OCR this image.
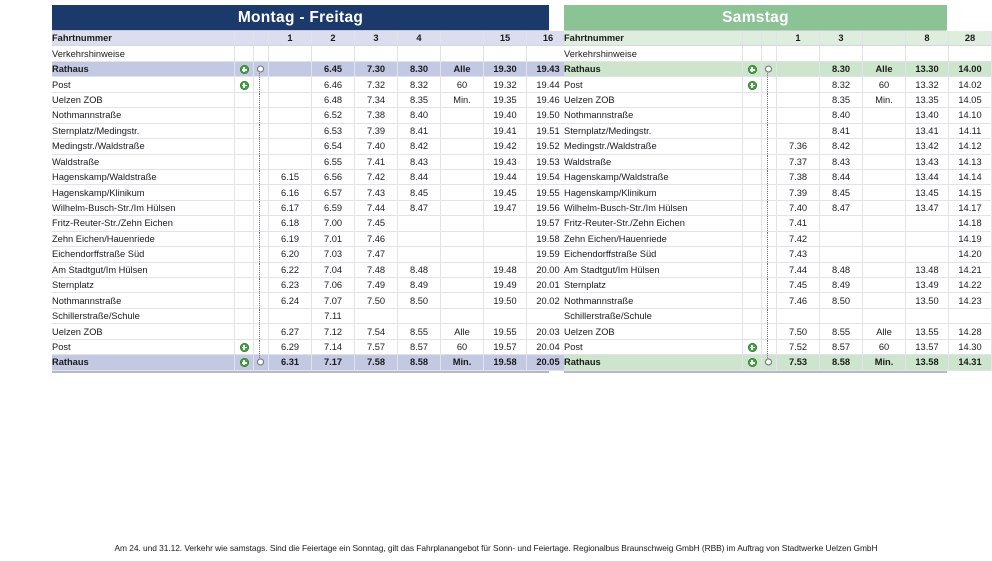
Montag - Freitag
Fahrtnummer			1	2	3	4		15	16
Verkehrshinweise									
Rathaus				6.45	7.30	8.30	Alle	19.30	19.43
Post				6.46	7.32	8.32	60	19.32	19.44
Uelzen ZOB				6.48	7.34	8.35	Min.	19.35	19.46
Nothmannstraße				6.52	7.38	8.40		19.40	19.50
Sternplatz/Medingstr.				6.53	7.39	8.41		19.41	19.51
Medingstr./Waldstraße				6.54	7.40	8.42		19.42	19.52
Waldstraße				6.55	7.41	8.43		19.43	19.53
Hagenskamp/Waldstraße			6.15	6.56	7.42	8.44		19.44	19.54
Hagenskamp/Klinikum			6.16	6.57	7.43	8.45		19.45	19.55
Wilhelm-Busch-Str./Im Hülsen			6.17	6.59	7.44	8.47		19.47	19.56
Fritz-Reuter-Str./Zehn Eichen			6.18	7.00	7.45				19.57
Zehn Eichen/Hauenriede			6.19	7.01	7.46				19.58
Eichendorffstraße Süd			6.20	7.03	7.47				19.59
Am Stadtgut/Im Hülsen			6.22	7.04	7.48	8.48		19.48	20.00
Sternplatz			6.23	7.06	7.49	8.49		19.49	20.01
Nothmannstraße			6.24	7.07	7.50	8.50		19.50	20.02
Schillerstraße/Schule				7.11					
Uelzen ZOB			6.27	7.12	7.54	8.55	Alle	19.55	20.03
Post			6.29	7.14	7.57	8.57	60	19.57	20.04
Rathaus			6.31	7.17	7.58	8.58	Min.	19.58	20.05
Samstag
Fahrtnummer			1	3		8	28
Verkehrshinweise							
Rathaus				8.30	Alle	13.30	14.00
Post				8.32	60	13.32	14.02
Uelzen ZOB				8.35	Min.	13.35	14.05
Nothmannstraße				8.40		13.40	14.10
Sternplatz/Medingstr.				8.41		13.41	14.11
Medingstr./Waldstraße			7.36	8.42		13.42	14.12
Waldstraße			7.37	8.43		13.43	14.13
Hagenskamp/Waldstraße			7.38	8.44		13.44	14.14
Hagenskamp/Klinikum			7.39	8.45		13.45	14.15
Wilhelm-Busch-Str./Im Hülsen			7.40	8.47		13.47	14.17
Fritz-Reuter-Str./Zehn Eichen			7.41				14.18
Zehn Eichen/Hauenriede			7.42				14.19
Eichendorffstraße Süd			7.43				14.20
Am Stadtgut/Im Hülsen			7.44	8.48		13.48	14.21
Sternplatz			7.45	8.49		13.49	14.22
Nothmannstraße			7.46	8.50		13.50	14.23
Schillerstraße/Schule		

Uelzen ZOB			7.50	8.55	Alle	13.55	14.28
Post			7.52	8.57	60	13.57	14.30
Rathaus			7.53	8.58	Min.	13.58	14.31
Am 24. und 31.12. Verkehr wie samstags. Sind die Feiertage ein Sonntag, gilt das Fahrplanangebot für Sonn- und Feiertage. Regionalbus Braunschweig GmbH (RBB) im Auftrag von Stadtwerke Uelzen GmbH
